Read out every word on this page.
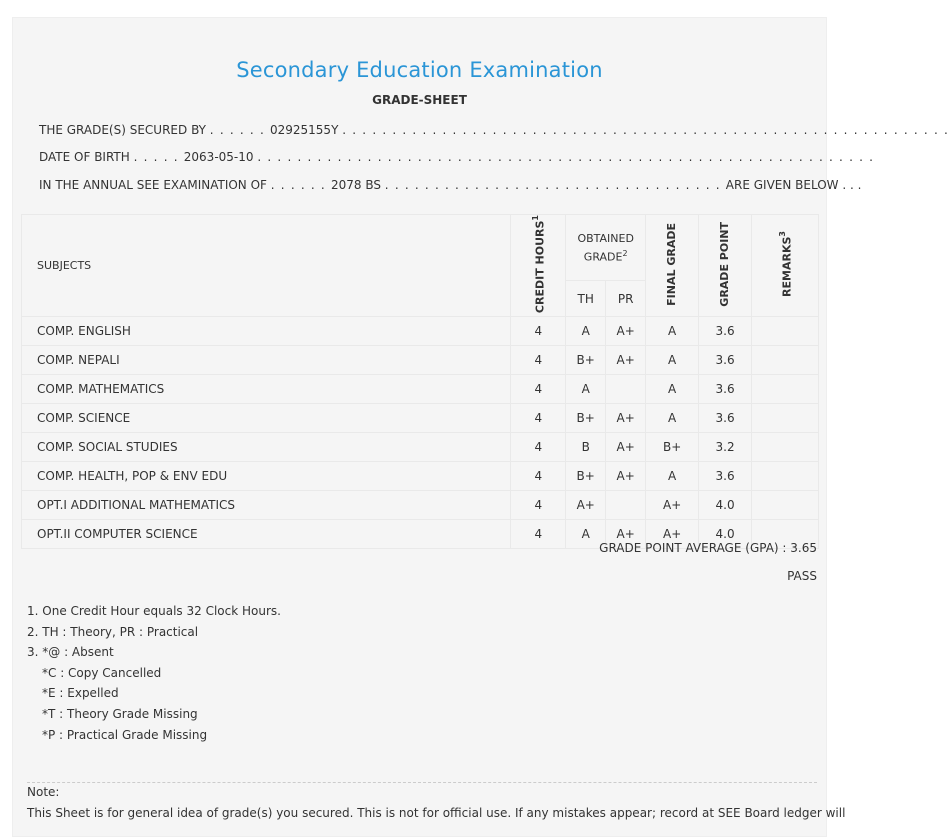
Secondary Education Examination
GRADE-SHEET
THE GRADE(S) SECURED BY . . . . . . 02925155Y . . . . . . . . . . . . . . . . . . . . . . . . . . . . . . . . . . . . . . . . . . . . . . . . . . . . . . . . . . . . .
DATE OF BIRTH . . . . . 2063-05-10 . . . . . . . . . . . . . . . . . . . . . . . . . . . . . . . . . . . . . . . . . . . . . . . . . . . . . . . . . . . . . .
IN THE ANNUAL SEE EXAMINATION OF . . . . . . 2078 BS . . . . . . . . . . . . . . . . . . . . . . . . . . . . . . . . . . ARE GIVEN BELOW . . .
SUBJECTS	CREDIT HOURS$^1$	OBTAINED GRADE$^2$		FINAL GRADE	GRADE POINT	REMARKS$^3$
		TH	PR			
COMP. ENGLISH	4	A	A+	A	3.6	
COMP. NEPALI	4	B+	A+	A	3.6	
COMP. MATHEMATICS	4	A		A	3.6	
COMP. SCIENCE	4	B+	A+	A	3.6	
COMP. SOCIAL STUDIES	4	B	A+	B+	3.2	
COMP. HEALTH, POP & ENV EDU	4	B+	A+	A	3.6	
OPT.I ADDITIONAL MATHEMATICS	4	A+		A+	4.0	
OPT.II COMPUTER SCIENCE	4	A	A+	A+	4.0	
GRADE POINT AVERAGE (GPA) : 3.65
PASS
1. One Credit Hour equals 32 Clock Hours.
2. TH : Theory, PR : Practical
3. *@ : Absent
*C : Copy Cancelled
*E : Expelled
*T : Theory Grade Missing
*P : Practical Grade Missing
Note:
This Sheet is for general idea of grade(s) you secured. This is not for official use. If any mistakes appear; record at SEE Board ledger will
